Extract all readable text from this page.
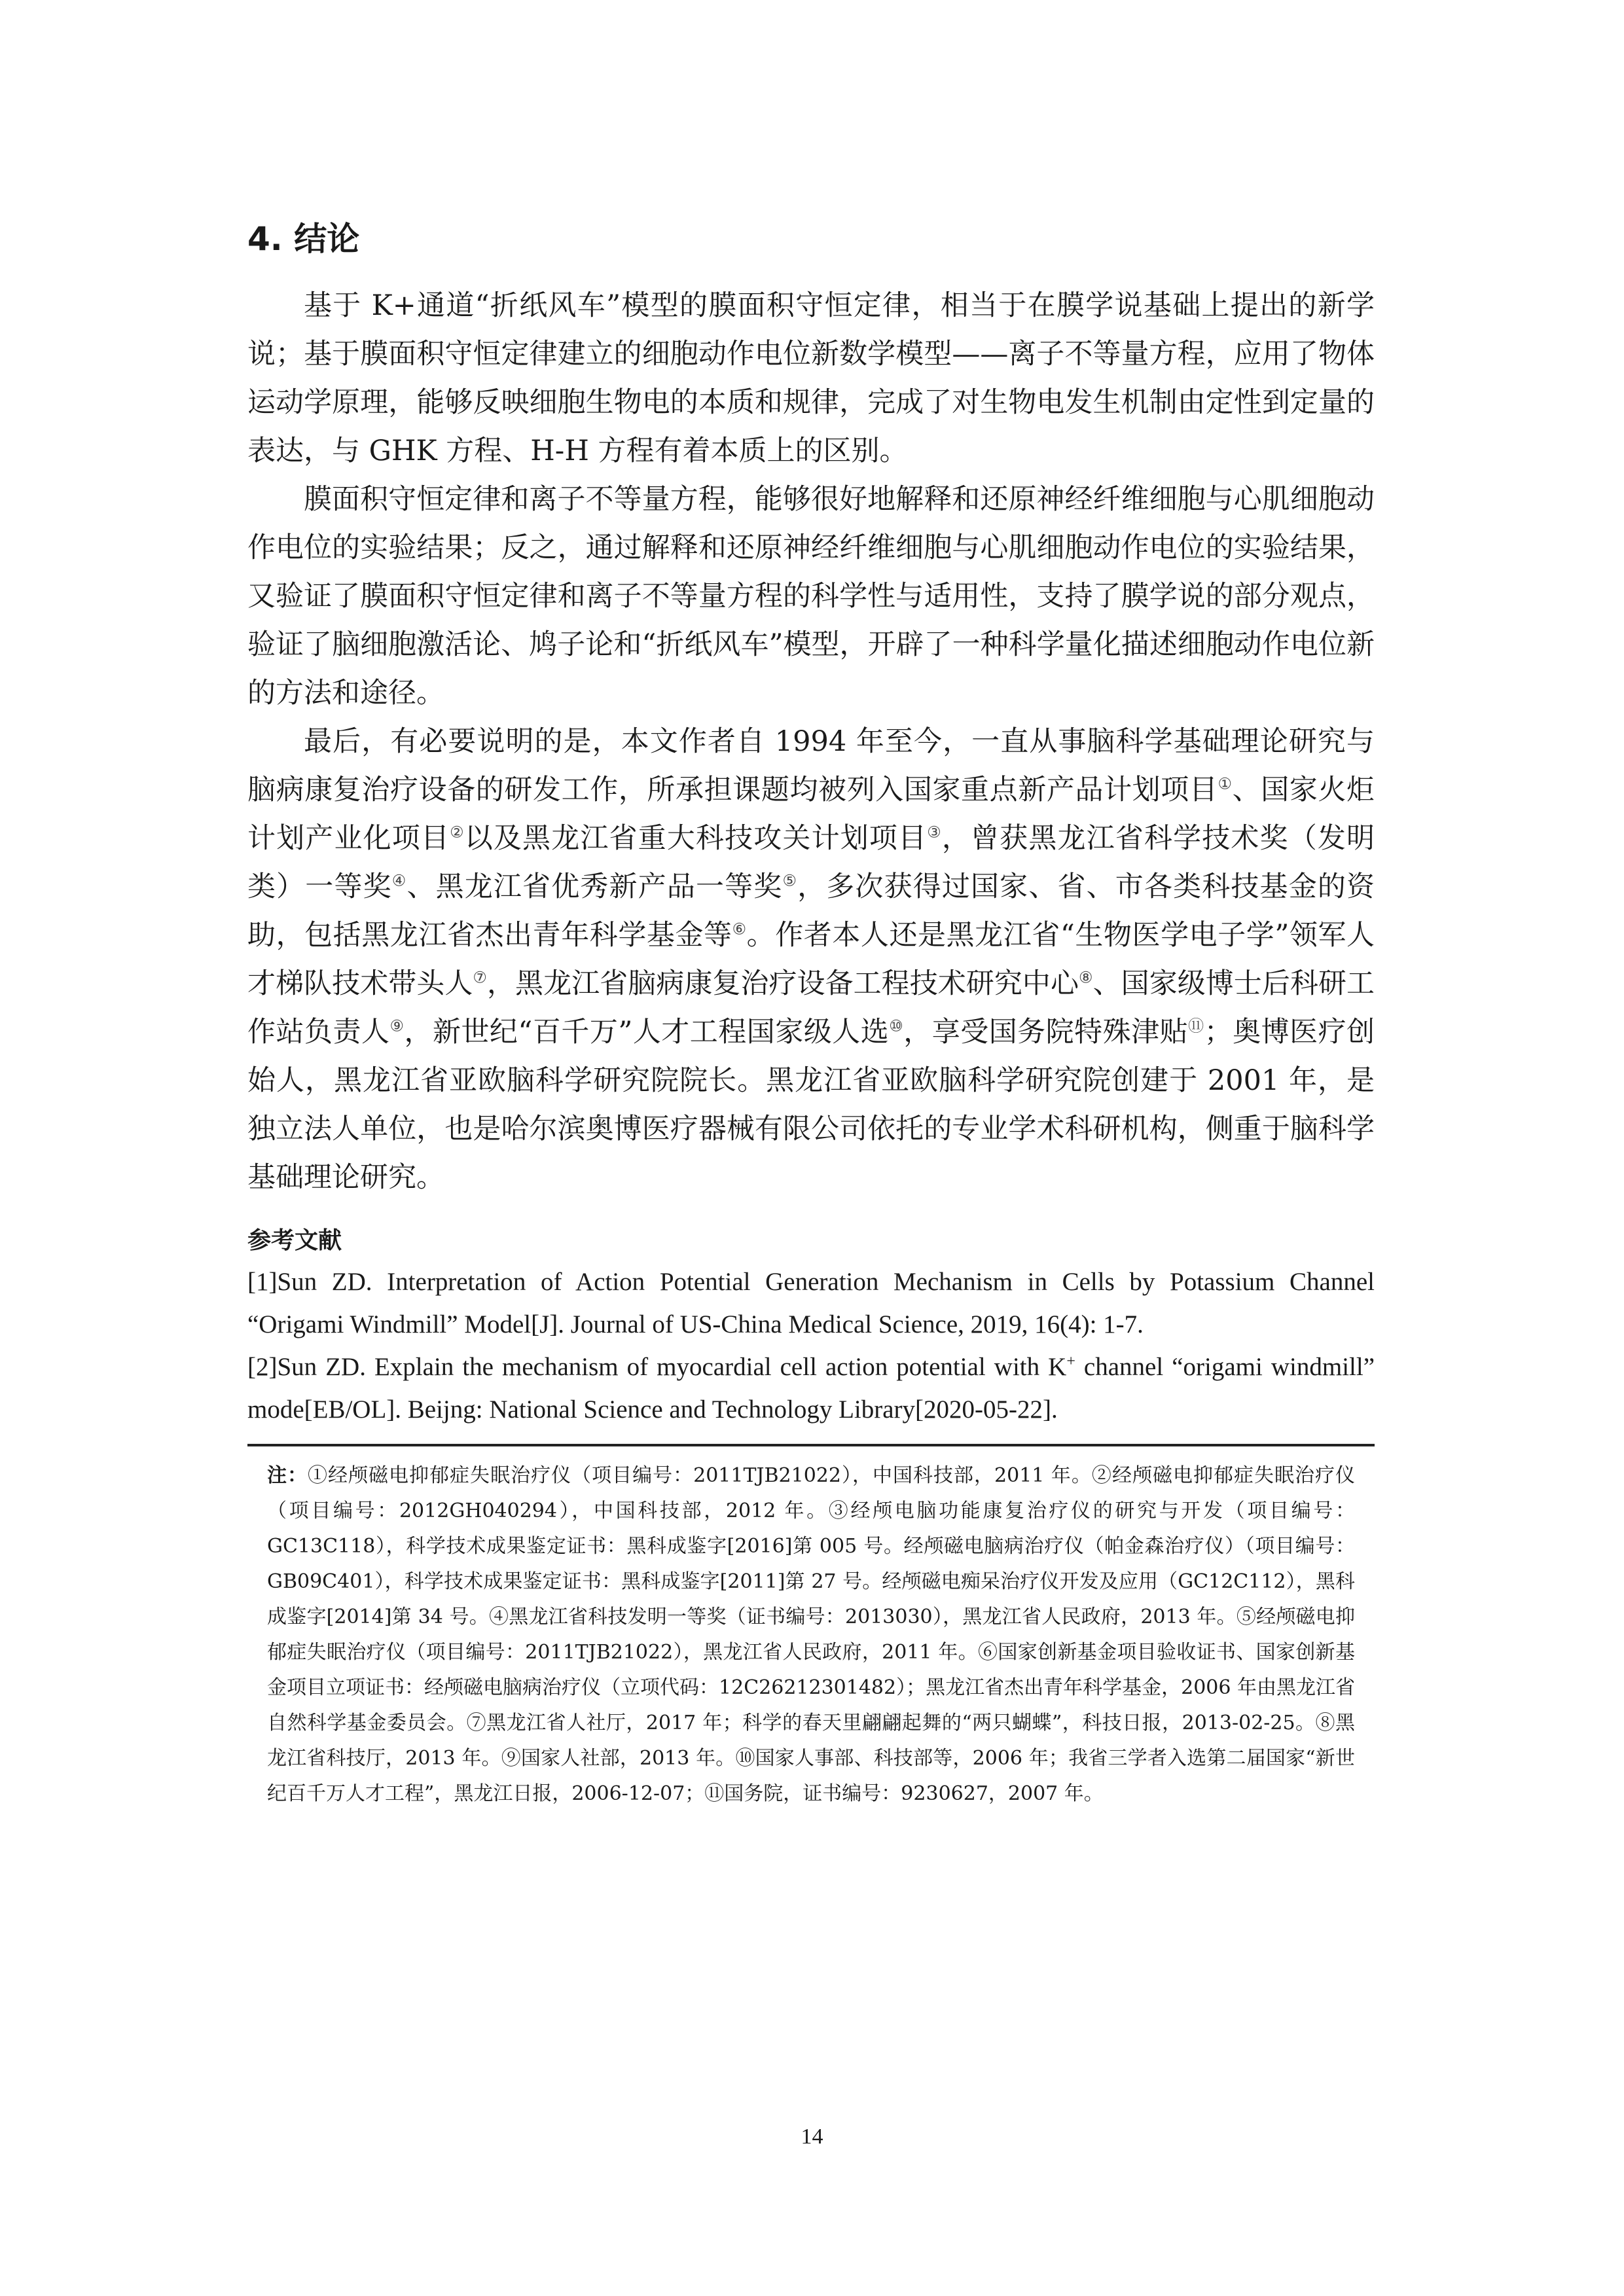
4. 结论

基于 K+通道“折纸风车”模型的膜面积守恒定律，相当于在膜学说基础上提出的新学说；基于膜面积守恒定律建立的细胞动作电位新数学模型——离子不等量方程，应用了物体运动学原理，能够反映细胞生物电的本质和规律，完成了对生物电发生机制由定性到定量的表达，与 GHK 方程、H-H 方程有着本质上的区别。

膜面积守恒定律和离子不等量方程，能够很好地解释和还原神经纤维细胞与心肌细胞动作电位的实验结果；反之，通过解释和还原神经纤维细胞与心肌细胞动作电位的实验结果，又验证了膜面积守恒定律和离子不等量方程的科学性与适用性，支持了膜学说的部分观点，验证了脑细胞激活论、鸠子论和“折纸风车”模型，开辟了一种科学量化描述细胞动作电位新的方法和途径。

最后，有必要说明的是，本文作者自 1994 年至今，一直从事脑科学基础理论研究与脑病康复治疗设备的研发工作，所承担课题均被列入国家重点新产品计划项目①、国家火炬计划产业化项目②以及黑龙江省重大科技攻关计划项目③，曾获黑龙江省科学技术奖（发明类）一等奖④、黑龙江省优秀新产品一等奖⑤，多次获得过国家、省、市各类科技基金的资助，包括黑龙江省杰出青年科学基金等⑥。作者本人还是黑龙江省“生物医学电子学”领军人才梯队技术带头人⑦，黑龙江省脑病康复治疗设备工程技术研究中心⑧、国家级博士后科研工作站负责人⑨，新世纪“百千万”人才工程国家级人选⑩，享受国务院特殊津贴⑪；奥博医疗创始人，黑龙江省亚欧脑科学研究院院长。黑龙江省亚欧脑科学研究院创建于 2001 年，是独立法人单位，也是哈尔滨奥博医疗器械有限公司依托的专业学术科研机构，侧重于脑科学基础理论研究。

参考文献

[1]Sun ZD. Interpretation of Action Potential Generation Mechanism in Cells by Potassium Channel “Origami Windmill” Model[J]. Journal of US-China Medical Science, 2019, 16(4): 1-7.

[2]Sun ZD. Explain the mechanism of myocardial cell action potential with K+ channel “origami windmill” mode[EB/OL]. Beijng: National Science and Technology Library[2020-05-22].

注：①经颅磁电抑郁症失眠治疗仪（项目编号：2011TJB21022），中国科技部，2011 年。②经颅磁电抑郁症失眠治疗仪（项目编号：2012GH040294），中国科技部，2012 年。③经颅电脑功能康复治疗仪的研究与开发（项目编号：GC13C118），科学技术成果鉴定证书：黑科成鉴字[2016]第 005 号。经颅磁电脑病治疗仪（帕金森治疗仪）（项目编号：GB09C401），科学技术成果鉴定证书：黑科成鉴字[2011]第 27 号。经颅磁电痴呆治疗仪开发及应用（GC12C112），黑科成鉴字[2014]第 34 号。④黑龙江省科技发明一等奖（证书编号：2013030），黑龙江省人民政府，2013 年。⑤经颅磁电抑郁症失眠治疗仪（项目编号：2011TJB21022），黑龙江省人民政府，2011 年。⑥国家创新基金项目验收证书、国家创新基金项目立项证书：经颅磁电脑病治疗仪（立项代码：12C26212301482）；黑龙江省杰出青年科学基金，2006 年由黑龙江省自然科学基金委员会。⑦黑龙江省人社厅，2017 年；科学的春天里翩翩起舞的“两只蝴蝶”，科技日报，2013-02-25。⑧黑龙江省科技厅，2013 年。⑨国家人社部，2013 年。⑩国家人事部、科技部等，2006 年；我省三学者入选第二届国家“新世纪百千万人才工程”，黑龙江日报，2006-12-07；⑪国务院，证书编号：9230627，2007 年。

14
